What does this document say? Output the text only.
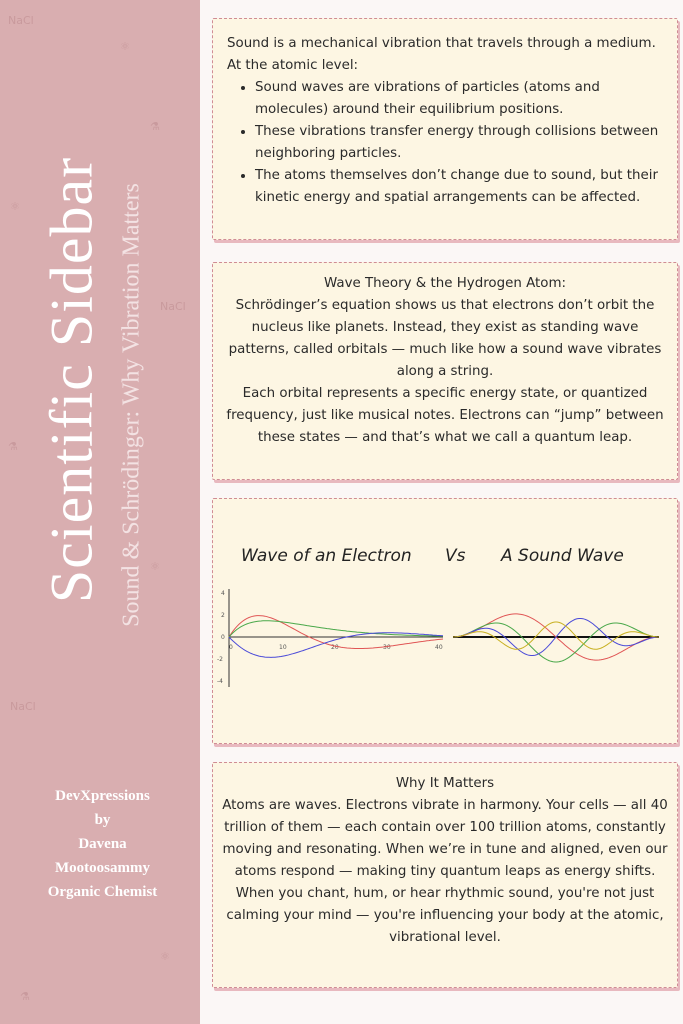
NaCl
⚛
⚗
⚛
NaCl
⚗
⚛
NaCl
⚛
⚗
Scientific Sidebar Sound & Schrödinger: Why Vibration Matters
DevXpressions
by
Davena
Mootoosammy
Organic Chemist

Sound is a mechanical vibration that travels through a medium. At the atomic level:

• Sound waves are vibrations of particles (atoms and molecules) around their equilibrium positions.
• These vibrations transfer energy through collisions between neighboring particles.
• The atoms themselves don’t change due to sound, but their kinetic energy and spatial arrangements can be affected.

Wave Theory & the Hydrogen Atom:

Schrödinger’s equation shows us that electrons don’t orbit the nucleus like planets. Instead, they exist as standing wave patterns, called orbitals — much like how a sound wave vibrates along a string.

Each orbital represents a specific energy state, or quantized frequency, just like musical notes. Electrons can “jump” between these states — and that’s what we call a quantum leap.

Wave of an Electron Vs A Sound Wave
0	10	20	30	40
4
2
0
-2
-4

Why It Matters

Atoms are waves. Electrons vibrate in harmony. Your cells — all 40 trillion of them — each contain over 100 trillion atoms, constantly moving and resonating. When we’re in tune and aligned, even our atoms respond — making tiny quantum leaps as energy shifts.

When you chant, hum, or hear rhythmic sound, you're not just calming your mind — you're influencing your body at the atomic, vibrational level.
